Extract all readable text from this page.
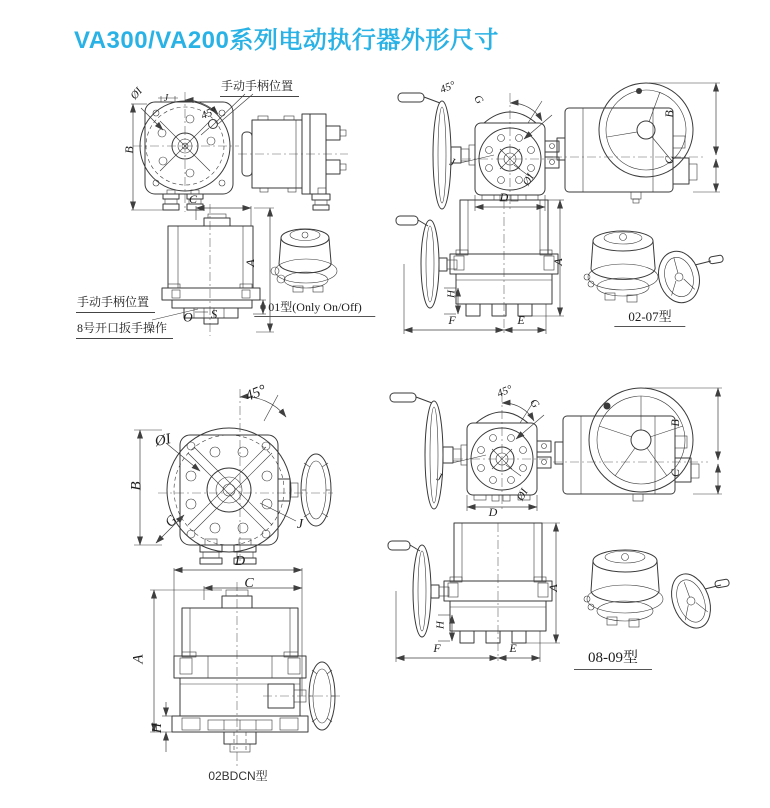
VA300/VA200系列电动执行器外形尺寸
手动手柄位置
ØI J
45°
B
C
A
O S
手动手柄位置
8号开口扳手操作
01型(Only On/Off)
45°
G
J
ØI
D
B
C
A
H
F	E	02-07型
45°
ØI
B
G	J
D
C
A
H
02BDCN型
45°
G
J
ØI
D
B
C
A
H
F	E
08-09型
